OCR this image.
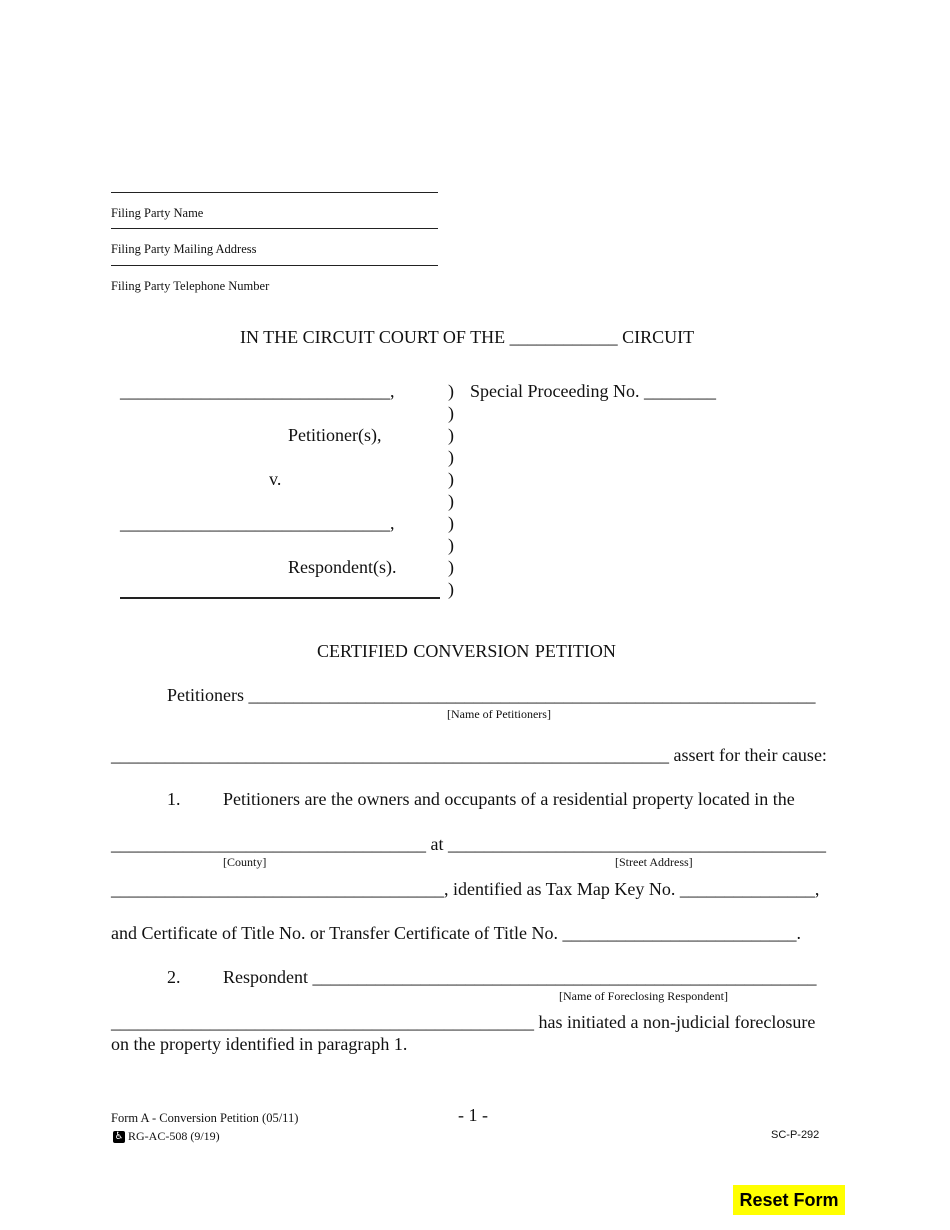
Filing Party Name
Filing Party Mailing Address
Filing Party Telephone Number
IN THE CIRCUIT COURT OF THE ____________ CIRCUIT
______________________________,
Petitioner(s),
v.
______________________________,
Respondent(s).
Special Proceeding No. ________
)
)
)
)
)
)
)
)
)
)
CERTIFIED CONVERSION PETITION
Petitioners _______________________________________________________________
[Name of Petitioners]
______________________________________________________________ assert for their cause:
1. Petitioners are the owners and occupants of a residential property located in the
___________________________________ at __________________________________________
[County]	[Street Address]
_____________________________________, identified as Tax Map Key No. _______________,
and Certificate of Title No. or Transfer Certificate of Title No. __________________________.
2. Respondent ________________________________________________________
[Name of Foreclosing Respondent]
_______________________________________________ has initiated a non-judicial foreclosure
on the property identified in paragraph 1.
Form A - Conversion Petition (05/11)	- 1 -
♿ RG-AC-508 (9/19)	SC-P-292
Reset Form
